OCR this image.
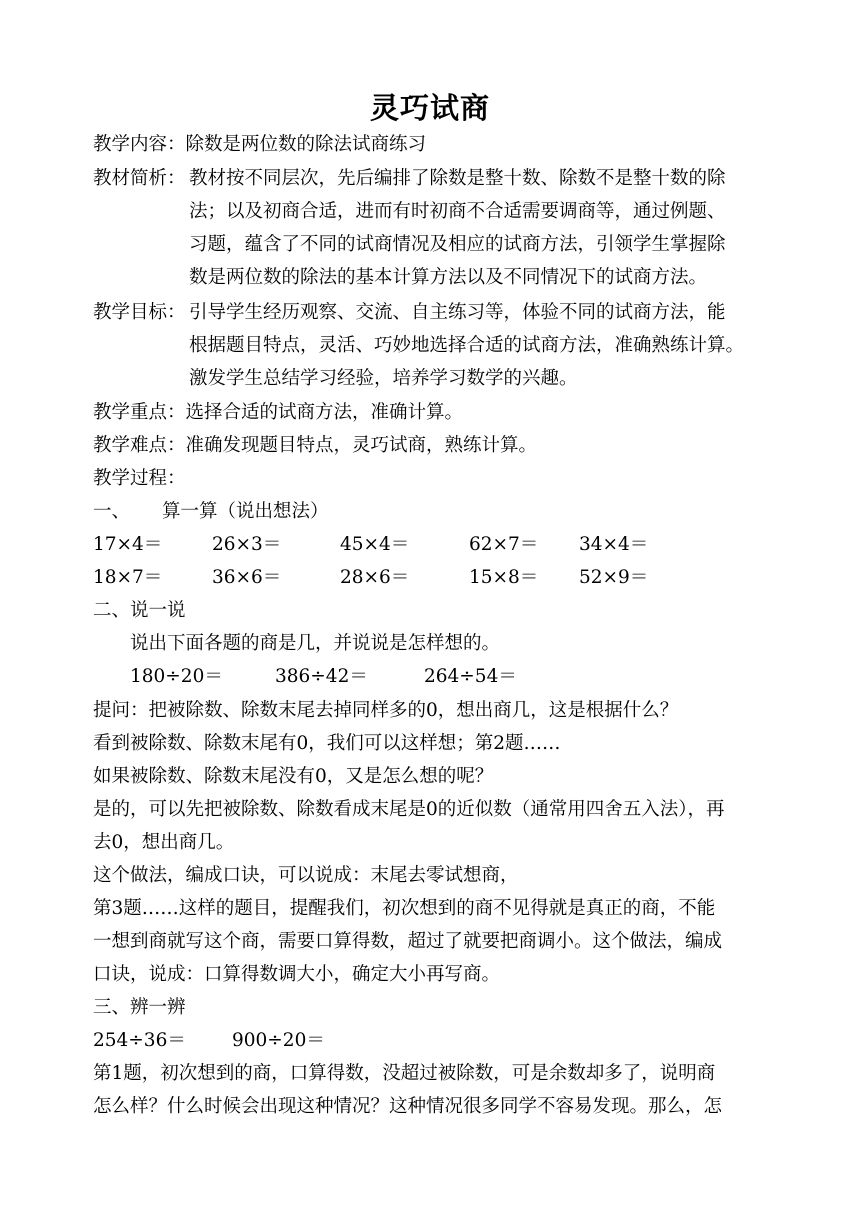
灵巧试商
教学内容：除数是两位数的除法试商练习
教材简析： 教材按不同层次，先后编排了除数是整十数、除数不是整十数的除
法；以及初商合适，进而有时初商不合适需要调商等，通过例题、
习题，蕴含了不同的试商情况及相应的试商方法，引领学生掌握除
数是两位数的除法的基本计算方法以及不同情况下的试商方法。
教学目标： 引导学生经历观察、交流、自主练习等，体验不同的试商方法，能
根据题目特点，灵活、巧妙地选择合适的试商方法，准确熟练计算。
激发学生总结学习经验，培养学习数学的兴趣。
教学重点：选择合适的试商方法，准确计算。
教学难点：准确发现题目特点，灵巧试商，熟练计算。
教学过程：
一、 算一算（说出想法）
17×4＝	26×3＝	45×4＝	62×7＝ 34×4＝
18×7＝	36×6＝	28×6＝	15×8＝ 52×9＝
二、说一说
说出下面各题的商是几，并说说是怎样想的。
180÷20＝	386÷42＝	264÷54＝
提问：把被除数、除数末尾去掉同样多的0，想出商几，这是根据什么？
看到被除数、除数末尾有0，我们可以这样想；第2题……
如果被除数、除数末尾没有0，又是怎么想的呢？
是的，可以先把被除数、除数看成末尾是0的近似数（通常用四舍五入法），再
去0，想出商几。
这个做法，编成口诀，可以说成：末尾去零试想商，
第3题……这样的题目，提醒我们，初次想到的商不见得就是真正的商，不能
一想到商就写这个商，需要口算得数，超过了就要把商调小。这个做法，编成
口诀，说成：口算得数调大小，确定大小再写商。
三、辨一辨
254÷36＝ 900÷20＝
第1题，初次想到的商，口算得数，没超过被除数，可是余数却多了，说明商
怎么样？什么时候会出现这种情况？这种情况很多同学不容易发现。那么，怎
